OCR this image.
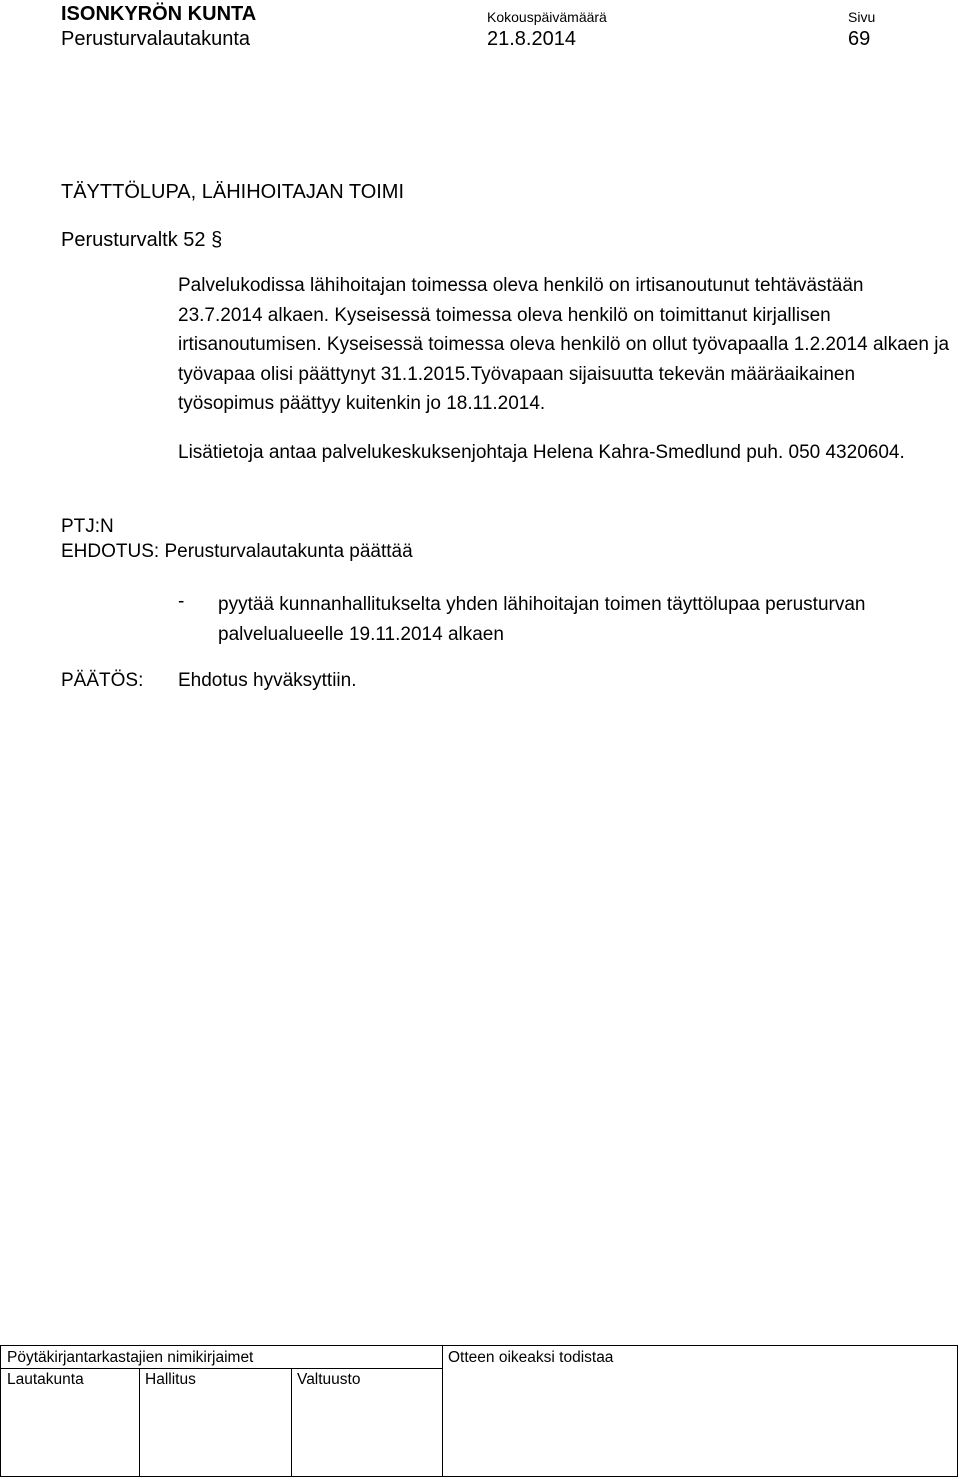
ISONKYRÖN KUNTA
Perusturvalautakunta
Kokouspäivämäärä
21.8.2014
Sivu
69
TÄYTTÖLUPA, LÄHIHOITAJAN TOIMI
Perusturvaltk 52 §
Palvelukodissa lähihoitajan toimessa oleva henkilö on irtisanoutunut tehtävästään 23.7.2014 alkaen. Kyseisessä toimessa oleva henkilö on toimittanut kirjallisen irtisanoutumisen. Kyseisessä toimessa oleva henkilö on ollut työvapaalla 1.2.2014 alkaen ja työvapaa olisi päättynyt 31.1.2015.Työvapaan sijaisuutta tekevän määräaikainen työsopimus päättyy kuitenkin jo 18.11.2014.
Lisätietoja antaa palvelukeskuksenjohtaja Helena Kahra-Smedlund puh. 050 4320604.
PTJ:N
EHDOTUS: Perusturvalautakunta päättää
- pyytää kunnanhallitukselta yhden lähihoitajan toimen täyttölupaa perusturvan palvelualueelle 19.11.2014 alkaen
PÄÄTÖS: Ehdotus hyväksyttiin.
Pöytäkirjantarkastajien nimikirjaimet	Otteen oikeaksi todistaa
Lautakunta	Hallitus	Valtuusto
